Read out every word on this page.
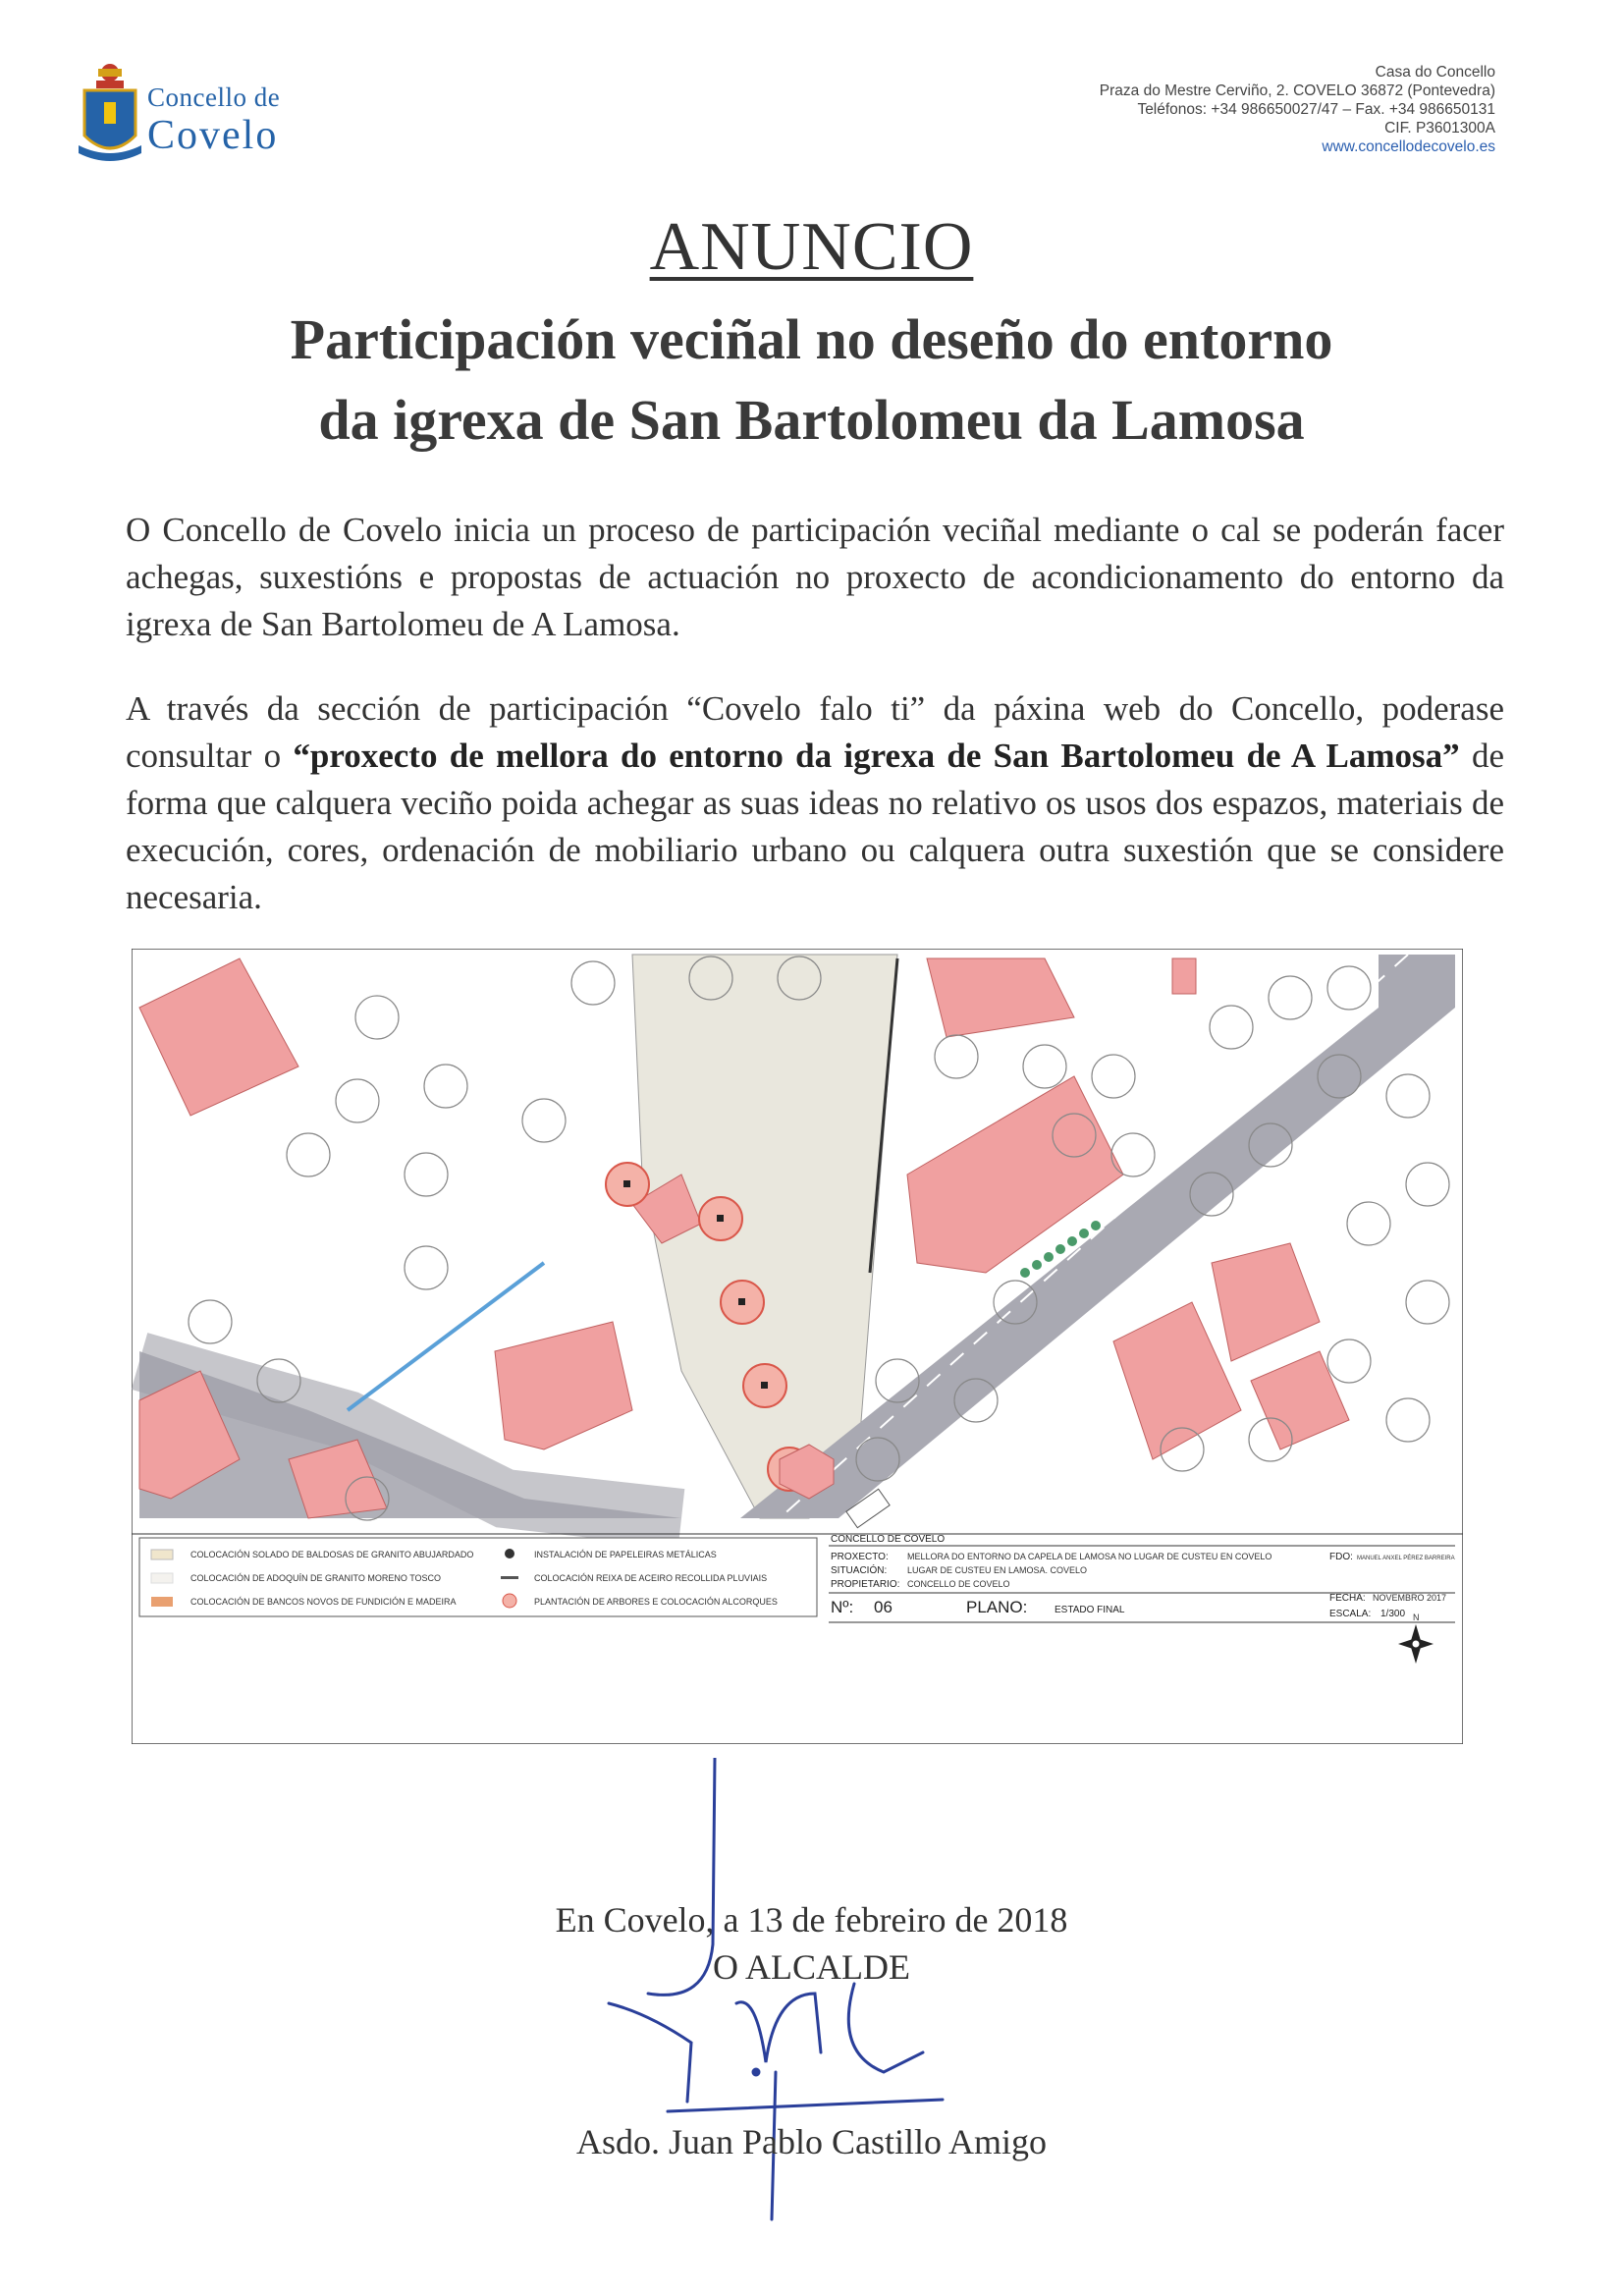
Concello de
Covelo
Casa do Concello
Praza do Mestre Cerviño, 2. COVELO 36872 (Pontevedra)
Teléfonos: +34 986650027/47 – Fax. +34 986650131
CIF. P3601300A
www.concellodecovelo.es
ANUNCIO
Participación veciñal no deseño do entorno
da igrexa de San Bartolomeu da Lamosa
O Concello de Covelo inicia un proceso de participación veciñal mediante o cal se poderán facer achegas, suxestións e propostas de actuación no proxecto de acondicionamento do entorno da igrexa de San Bartolomeu de A Lamosa.
A través da sección de participación “Covelo falo ti” da páxina web do Concello, poderase consultar o “proxecto de mellora do entorno da igrexa de San Bartolomeu de A Lamosa” de forma que calquera veciño poida achegar as suas ideas no relativo os usos dos espazos, materiais de execución, cores, ordenación de mobiliario urbano ou calquera outra suxestión que se considere necesaria.
N
COLOCACIÓN SOLADO DE BALDOSAS DE GRANITO ABUJARDADO
COLOCACIÓN DE ADOQUÍN DE GRANITO MORENO TOSCO
COLOCACIÓN DE BANCOS NOVOS DE FUNDICIÓN E MADEIRA
INSTALACIÓN DE PAPELEIRAS METÁLICAS
COLOCACIÓN REIXA DE ACEIRO RECOLLIDA PLUVIAIS
PLANTACIÓN DE ARBORES E COLOCACIÓN ALCORQUES
CONCELLO DE COVELO
PROXECTO: MELLORA DO ENTORNO DA CAPELA DE LAMOSA NO LUGAR DE CUSTEU EN COVELO
SITUACIÓN: LUGAR DE CUSTEU EN LAMOSA. COVELO
PROPIETARIO: CONCELLO DE COVELO
FDO: MANUEL ANXEL PÉREZ BARREIRA
Nº: 06	PLANO:	ESTADO FINAL
FECHA: NOVEMBRO 2017
ESCALA: 1/300
En Covelo, a 13 de febreiro de 2018
O ALCALDE
Asdo. Juan Pablo Castillo Amigo
